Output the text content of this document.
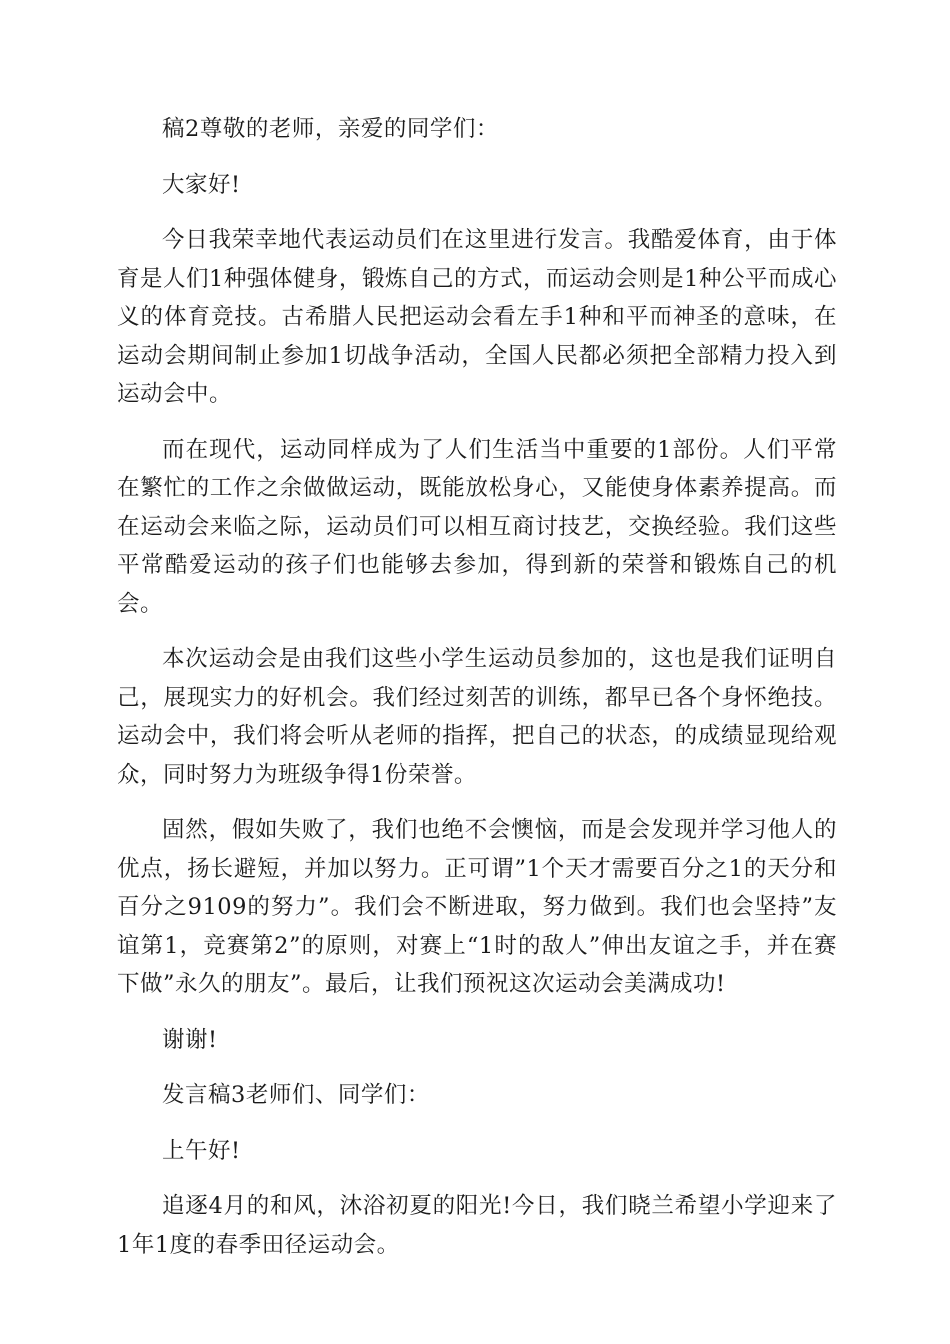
稿2尊敬的老师，亲爱的同学们：

大家好!

今日我荣幸地代表运动员们在这里进行发言。我酷爱体育，由于体育是人们1种强体健身，锻炼自己的方式，而运动会则是1种公平而成心义的体育竞技。古希腊人民把运动会看左手1种和平而神圣的意味，在运动会期间制止参加1切战争活动，全国人民都必须把全部精力投入到运动会中。

而在现代，运动同样成为了人们生活当中重要的1部份。人们平常在繁忙的工作之余做做运动，既能放松身心，又能使身体素养提高。而在运动会来临之际，运动员们可以相互商讨技艺，交换经验。我们这些平常酷爱运动的孩子们也能够去参加，得到新的荣誉和锻炼自己的机会。

本次运动会是由我们这些小学生运动员参加的，这也是我们证明自己，展现实力的好机会。我们经过刻苦的训练，都早已各个身怀绝技。运动会中，我们将会听从老师的指挥，把自己的状态，的成绩显现给观众，同时努力为班级争得1份荣誉。

固然，假如失败了，我们也绝不会懊恼，而是会发现并学习他人的优点，扬长避短，并加以努力。正可谓”1个天才需要百分之1的天分和百分之9109的努力”。我们会不断进取，努力做到。我们也会坚持”友谊第1，竞赛第2”的原则，对赛上“1时的敌人”伸出友谊之手，并在赛下做”永久的朋友”。最后，让我们预祝这次运动会美满成功!

谢谢!

发言稿3老师们、同学们：

上午好!

追逐4月的和风，沐浴初夏的阳光!今日，我们晓兰希望小学迎来了1年1度的春季田径运动会。
